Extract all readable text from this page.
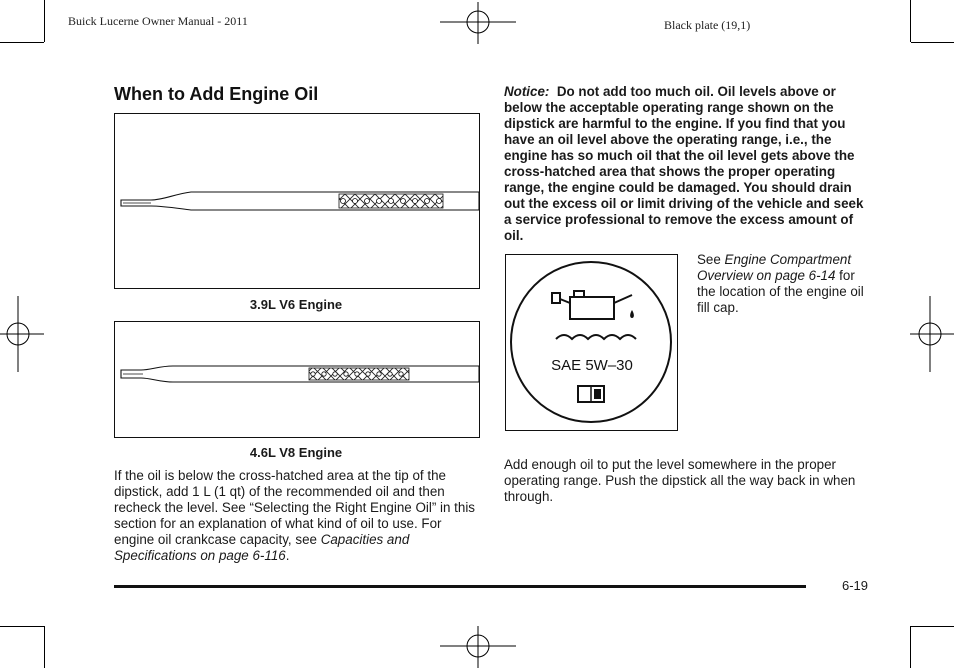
Buick Lucerne Owner Manual - 2011	Black plate (19,1)
When to Add Engine Oil
3.9L V6 Engine
4.6L V8 Engine
If the oil is below the cross-hatched area at the tip of the dipstick, add 1 L (1 qt) of the recommended oil and then recheck the level. See “Selecting the Right Engine Oil” in this section for an explanation of what kind of oil to use. For engine oil crankcase capacity, see Capacities and Specifications on page 6-116.
Notice: Do not add too much oil. Oil levels above or below the acceptable operating range shown on the dipstick are harmful to the engine. If you find that you have an oil level above the operating range, i.e., the engine has so much oil that the oil level gets above the cross-hatched area that shows the proper operating range, the engine could be damaged. You should drain out the excess oil or limit driving of the vehicle and seek a service professional to remove the excess amount of oil.
SAE 5W–30
See Engine Compartment Overview on page 6-14 for the location of the engine oil fill cap.
Add enough oil to put the level somewhere in the proper operating range. Push the dipstick all the way back in when through.
6-19
